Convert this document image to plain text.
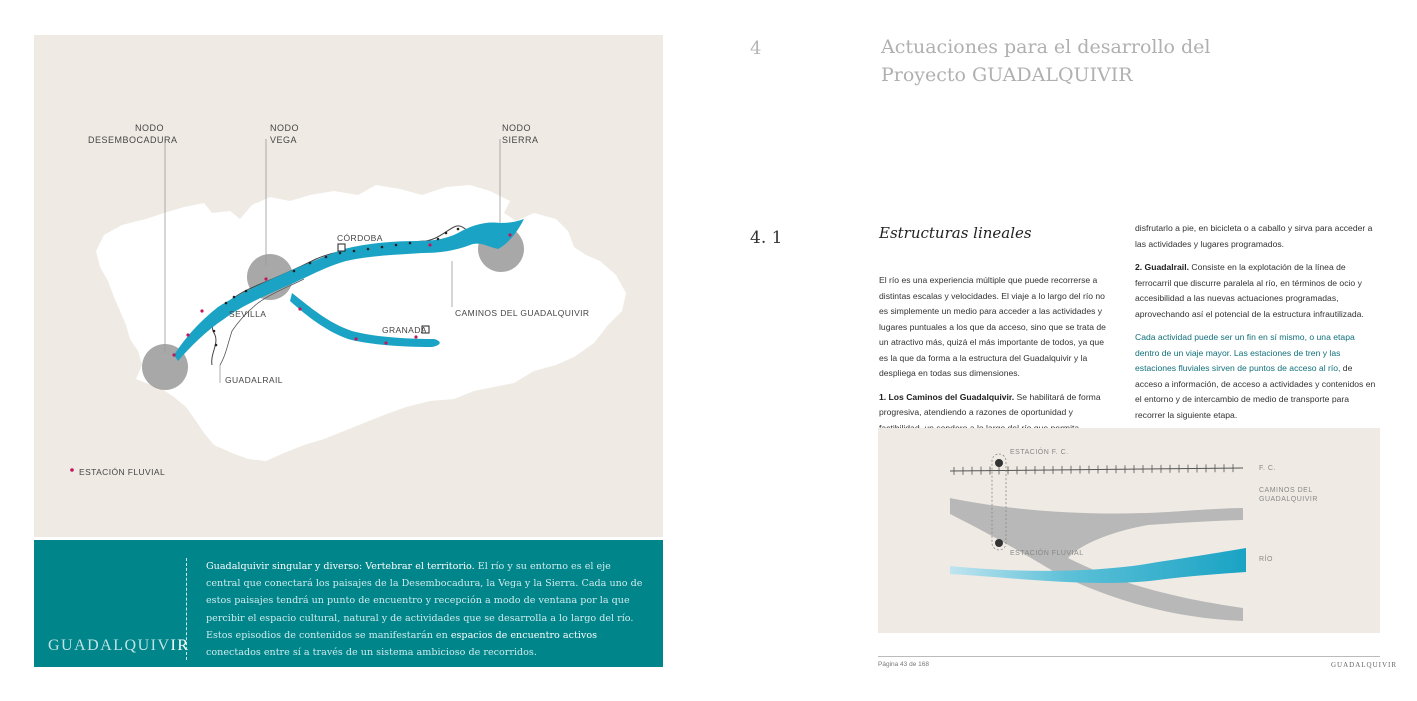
NODO
DESEMBOCADURA
NODO
VEGA
NODO
SIERRA
CÓRDOBA
SEVILLA
GRANADA
CAMINOS DEL GUADALQUIVIR
GUADALRAIL
ESTACIÓN FLUVIAL
GUADALQUIVIR
Guadalquivir singular y diverso: Vertebrar el territorio. El río y su entorno es el eje central que conectará los paisajes de la Desembocadura, la Vega y la Sierra. Cada uno de estos paisajes tendrá un punto de encuentro y recepción a modo de ventana por la que percibir el espacio cultural, natural y de actividades que se desarrolla a lo largo del río. Estos episodios de contenidos se manifestarán en espacios de encuentro activos conectados entre sí a través de un sistema ambicioso de recorridos.
4	Actuaciones para el desarrollo del Proyecto GUADALQUIVIR
4. 1	Estructuras lineales

El río es una experiencia múltiple que puede recorrerse a distintas escalas y velocidades. El viaje a lo largo del río no es simplemente un medio para acceder a las actividades y lugares puntuales a los que da acceso, sino que se trata de un atractivo más, quizá el más importante de todos, ya que es la que da forma a la estructura del Guadalquivir y la despliega en todas sus dimensiones.

1. Los Caminos del Guadalquivir. Se habilitará de forma progresiva, atendiendo a razones de oportunidad y

disfrutarlo a pie, en bicicleta o a caballo y sirva para acceder a las actividades y lugares programados.

2. Guadalrail. Consiste en la explotación de la línea de ferrocarril que discurre paralela al río, en términos de ocio y accesibilidad a las nuevas actuaciones programadas, aprovechando así el potencial de la estructura infrautilizada.

Cada actividad puede ser un fin en sí mismo, o una etapa dentro de un viaje mayor. Las estaciones de tren y las estaciones fluviales sirven de puntos de acceso al río, de acceso a información, de acceso a actividades y contenidos en el entorno y de intercambio de medio de transporte para recorrer la siguiente etapa.

ESTACIÓN F. C.
ESTACIÓN FLUVIAL
F. C.
CAMINOS DEL
GUADALQUIVIR
RÍO
Página 43 de 168	GUADALQUIVIR
